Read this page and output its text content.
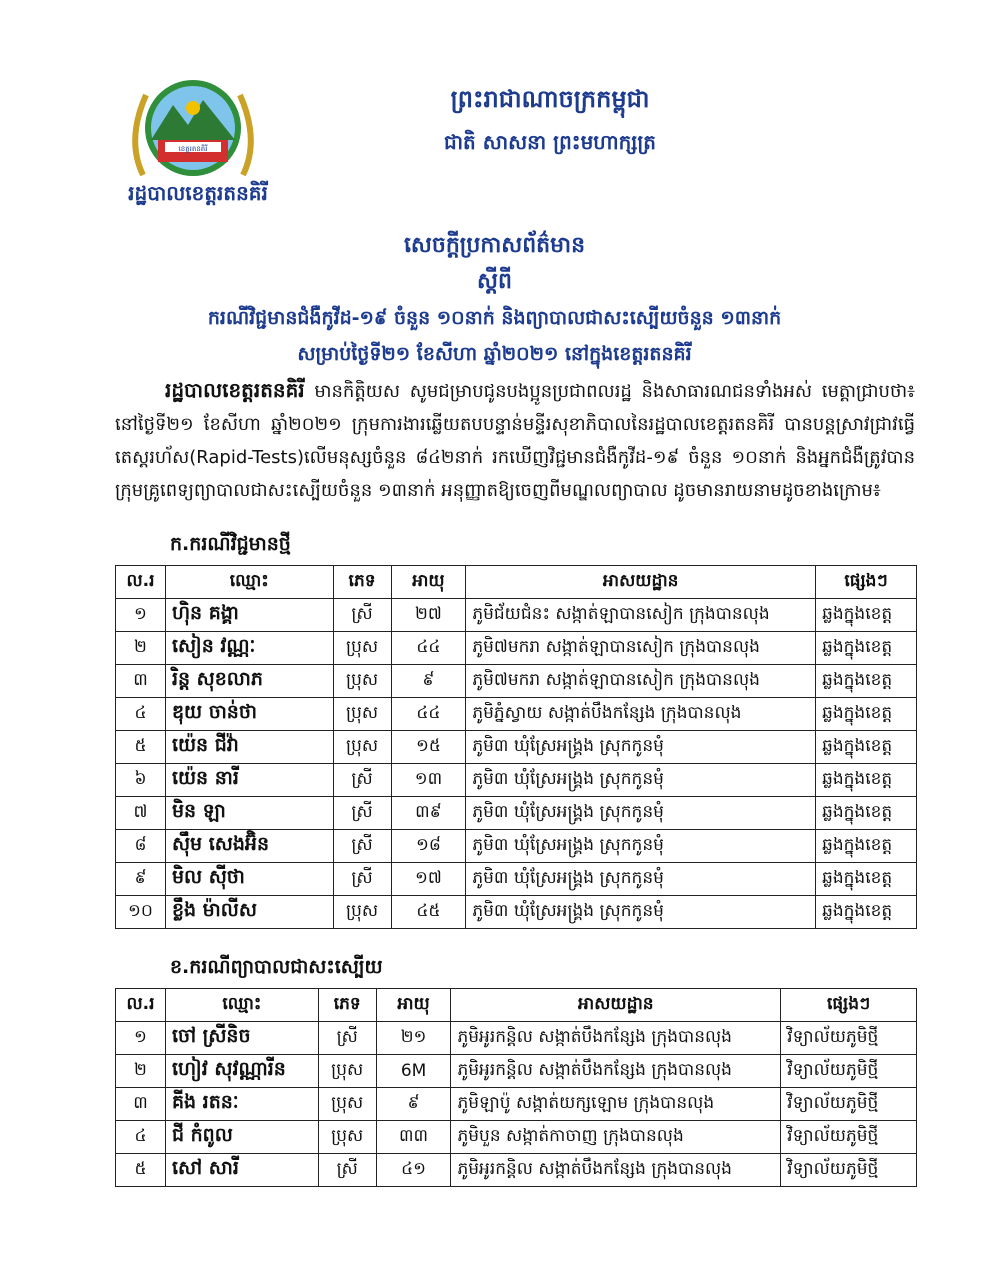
ខេត្តរតនគិរី
រដ្ឋបាលខេត្តរតនគិរី
ព្រះរាជាណាចក្រកម្ពុជា
ជាតិ សាសនា ព្រះមហាក្សត្រ
សេចក្តីប្រកាសព័ត៌មាន
ស្តីពី
ករណីវិជ្ជមានជំងឺកូវីដ-១៩ ចំនួន ១០នាក់ និងព្យាបាលជាសះស្បើយចំនួន ១៣នាក់
សម្រាប់ថ្ងៃទី២១ ខែសីហា ឆ្នាំ២០២១ នៅក្នុងខេត្តរតនគិរី
រដ្ឋបាលខេត្តរតនគិរី មានកិត្តិយស សូមជម្រាបជូនបងប្អូនប្រជាពលរដ្ឋ និងសាធារណជនទាំងអស់ មេត្តាជ្រាបថា៖ នៅថ្ងៃទី២១ ខែសីហា ឆ្នាំ២០២១ ក្រុមការងារឆ្លើយតបបន្ទាន់មន្ទីរសុខាភិបាលនៃរដ្ឋបាលខេត្តរតនគិរី បានបន្តស្រាវជ្រាវធ្វើតេស្តរហ័ស(Rapid-Tests)លើមនុស្សចំនួន ៨៤២នាក់ រកឃើញវិជ្ជមានជំងឺកូវីដ-១៩ ចំនួន ១០នាក់ និងអ្នកជំងឺត្រូវបានក្រុមគ្រូពេទ្យព្យាបាលជាសះស្បើយចំនួន ១៣នាក់ អនុញ្ញាតឱ្យចេញពីមណ្ឌលព្យាបាល ដូចមានរាយនាមដូចខាងក្រោម៖
ក.ករណីវិជ្ជមានថ្មី
ល.រ	ឈ្មោះ	ភេទ	អាយុ	អាសយដ្ឋាន	ផ្សេងៗ
១	ហ៊ិន គង្គា	ស្រី	២៧	ភូមិជ័យជំនះ សង្កាត់ឡាបានសៀក ក្រុងបានលុង	ឆ្លងក្នុងខេត្ត
២	សៀន វណ្ណៈ	ប្រុស	៤៤	ភូមិ៧មករា សង្កាត់ឡាបានសៀក ក្រុងបានលុង	ឆ្លងក្នុងខេត្ត
៣	រិន្ត សុខលាភ	ប្រុស	៩	ភូមិ៧មករា សង្កាត់ឡាបានសៀក ក្រុងបានលុង	ឆ្លងក្នុងខេត្ត
៤	ឌុយ ចាន់ថា	ប្រុស	៤៤	ភូមិភ្នំស្វាយ សង្កាត់បឹងកន្សែង ក្រុងបានលុង	ឆ្លងក្នុងខេត្ត
៥	យ៉េន ជីវ៉ា	ប្រុស	១៥	ភូមិ៣ ឃុំស្រែអង្គ្រង ស្រុកកូនមុំ	ឆ្លងក្នុងខេត្ត
៦	យ៉េន នារី	ស្រី	១៣	ភូមិ៣ ឃុំស្រែអង្គ្រង ស្រុកកូនមុំ	ឆ្លងក្នុងខេត្ត
៧	មិន ឡា	ស្រី	៣៩	ភូមិ៣ ឃុំស្រែអង្គ្រង ស្រុកកូនមុំ	ឆ្លងក្នុងខេត្ត
៨	ស៊ឹម សេងអ៊ិន	ស្រី	១៨	ភូមិ៣ ឃុំស្រែអង្គ្រង ស្រុកកូនមុំ	ឆ្លងក្នុងខេត្ត
៩	មិល ស៊ីថា	ស្រី	១៧	ភូមិ៣ ឃុំស្រែអង្គ្រង ស្រុកកូនមុំ	ឆ្លងក្នុងខេត្ត
១០	ខ្លឹង ម៉ាលីស	ប្រុស	៤៥	ភូមិ៣ ឃុំស្រែអង្គ្រង ស្រុកកូនមុំ	ឆ្លងក្នុងខេត្ត
ខ.ករណីព្យាបាលជាសះស្បើយ
ល.រ	ឈ្មោះ	ភេទ	អាយុ	អាសយដ្ឋាន	ផ្សេងៗ
១	ចៅ ស្រីនិច	ស្រី	២១	ភូមិអូរកន្តិល សង្កាត់បឹងកន្សែង ក្រុងបានលុង	វិទ្យាល័យភូមិថ្មី
២	ហៀវ សុវណ្ណារីន	ប្រុស	6M	ភូមិអូរកន្តិល សង្កាត់បឹងកន្សែង ក្រុងបានលុង	វិទ្យាល័យភូមិថ្មី
៣	គីង រតនៈ	ប្រុស	៩	ភូមិឡាប៉ូ សង្កាត់យក្សឡោម ក្រុងបានលុង	វិទ្យាល័យភូមិថ្មី
៤	ជី កំពូល	ប្រុស	៣៣	ភូមិបួន សង្កាត់កាចាញ ក្រុងបានលុង	វិទ្យាល័យភូមិថ្មី
៥	សៅ សារី	ស្រី	៤១	ភូមិអូរកន្តិល សង្កាត់បឹងកន្សែង ក្រុងបានលុង	វិទ្យាល័យភូមិថ្មី
